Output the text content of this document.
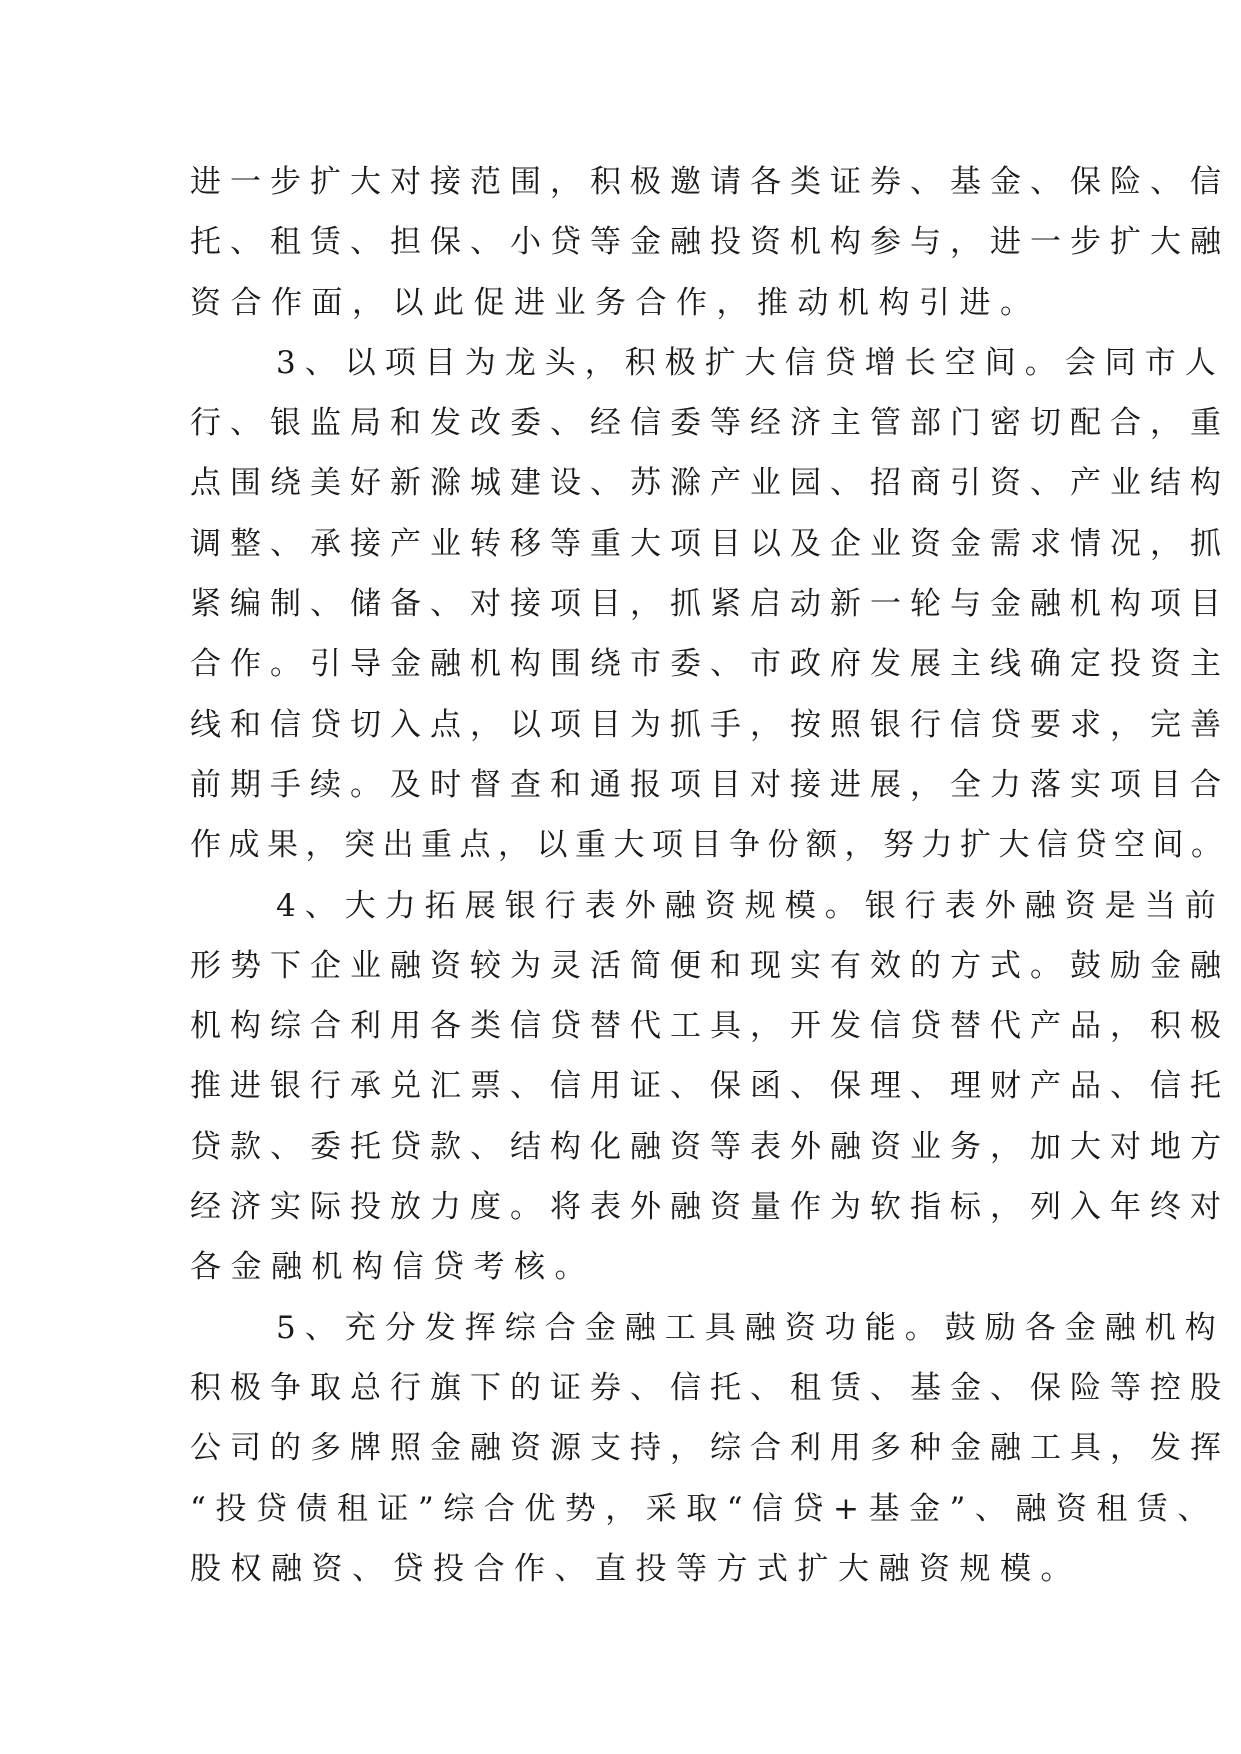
进一步扩大对接范围，积极邀请各类证券、基金、保险、信
托、租赁、担保、小贷等金融投资机构参与，进一步扩大融
资合作面，以此促进业务合作，推动机构引进。
3、以项目为龙头，积极扩大信贷增长空间。会同市人
行、银监局和发改委、经信委等经济主管部门密切配合，重
点围绕美好新滁城建设、苏滁产业园、招商引资、产业结构
调整、承接产业转移等重大项目以及企业资金需求情况，抓
紧编制、储备、对接项目，抓紧启动新一轮与金融机构项目
合作。引导金融机构围绕市委、市政府发展主线确定投资主
线和信贷切入点，以项目为抓手，按照银行信贷要求，完善
前期手续。及时督查和通报项目对接进展，全力落实项目合
作成果，突出重点，以重大项目争份额，努力扩大信贷空间。
4、大力拓展银行表外融资规模。银行表外融资是当前
形势下企业融资较为灵活简便和现实有效的方式。鼓励金融
机构综合利用各类信贷替代工具，开发信贷替代产品，积极
推进银行承兑汇票、信用证、保函、保理、理财产品、信托
贷款、委托贷款、结构化融资等表外融资业务，加大对地方
经济实际投放力度。将表外融资量作为软指标，列入年终对
各金融机构信贷考核。
5、充分发挥综合金融工具融资功能。鼓励各金融机构
积极争取总行旗下的证券、信托、租赁、基金、保险等控股
公司的多牌照金融资源支持，综合利用多种金融工具，发挥
“投贷债租证”综合优势，采取“信贷+基金”、融资租赁、
股权融资、贷投合作、直投等方式扩大融资规模。
